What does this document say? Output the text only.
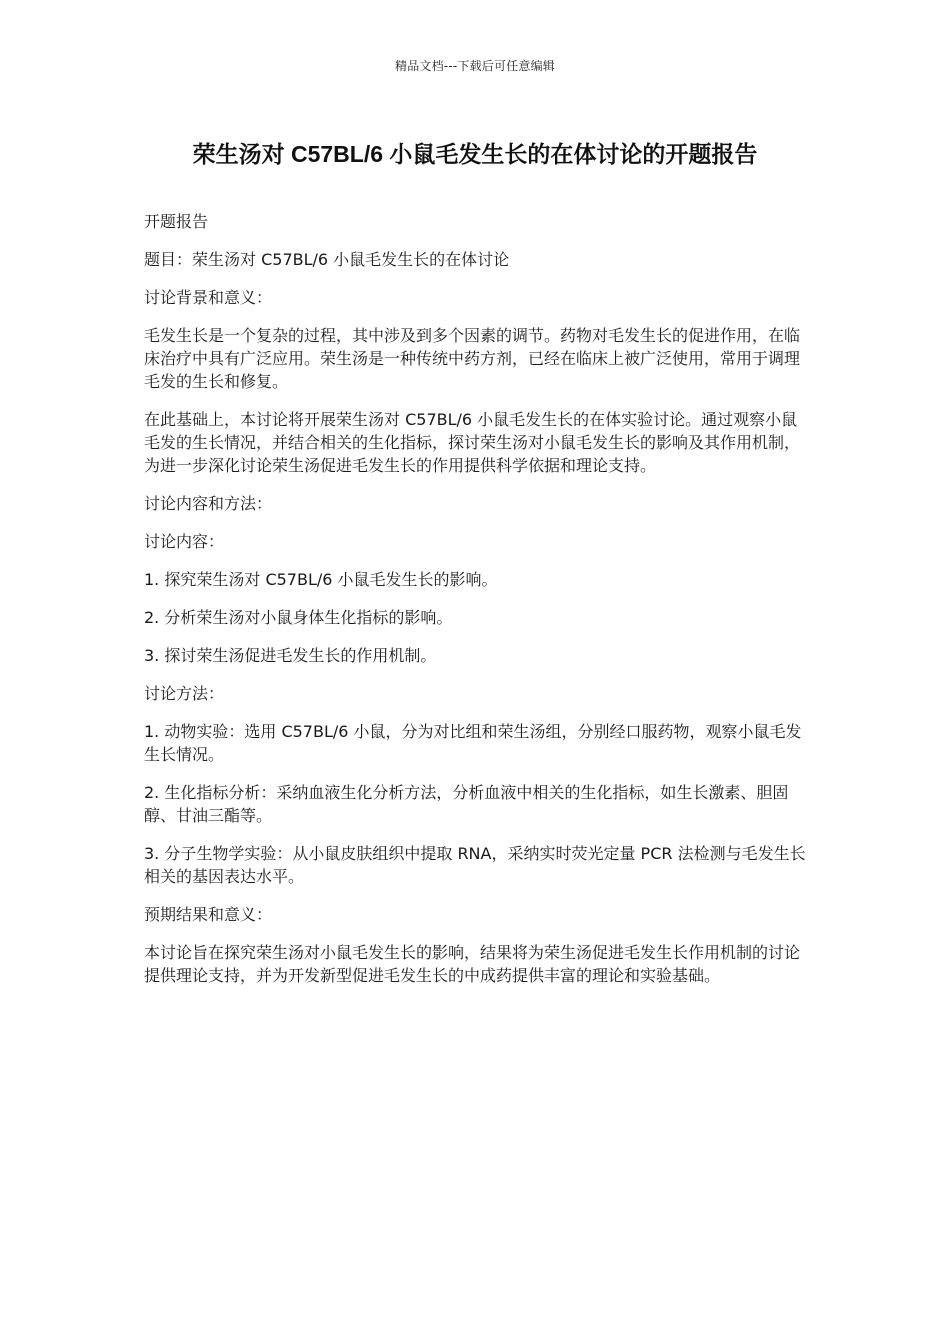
精品文档---下载后可任意编辑
荣生汤对 C57BL/6 小鼠毛发生长的在体讨论的开题报告

开题报告

题目：荣生汤对 C57BL/6 小鼠毛发生长的在体讨论

讨论背景和意义：

毛发生长是一个复杂的过程，其中涉及到多个因素的调节。药物对毛发生长的促进作用，在临床治疗中具有广泛应用。荣生汤是一种传统中药方剂，已经在临床上被广泛使用，常用于调理毛发的生长和修复。

在此基础上，本讨论将开展荣生汤对 C57BL/6 小鼠毛发生长的在体实验讨论。通过观察小鼠毛发的生长情况，并结合相关的生化指标，探讨荣生汤对小鼠毛发生长的影响及其作用机制，为进一步深化讨论荣生汤促进毛发生长的作用提供科学依据和理论支持。

讨论内容和方法：

讨论内容：

1. 探究荣生汤对 C57BL/6 小鼠毛发生长的影响。

2. 分析荣生汤对小鼠身体生化指标的影响。

3. 探讨荣生汤促进毛发生长的作用机制。

讨论方法：

1. 动物实验：选用 C57BL/6 小鼠，分为对比组和荣生汤组，分别经口服药物，观察小鼠毛发生长情况。

2. 生化指标分析：采纳血液生化分析方法，分析血液中相关的生化指标，如生长激素、胆固醇、甘油三酯等。

3. 分子生物学实验：从小鼠皮肤组织中提取 RNA，采纳实时荧光定量 PCR 法检测与毛发生长相关的基因表达水平。

预期结果和意义：

本讨论旨在探究荣生汤对小鼠毛发生长的影响，结果将为荣生汤促进毛发生长作用机制的讨论提供理论支持，并为开发新型促进毛发生长的中成药提供丰富的理论和实验基础。
